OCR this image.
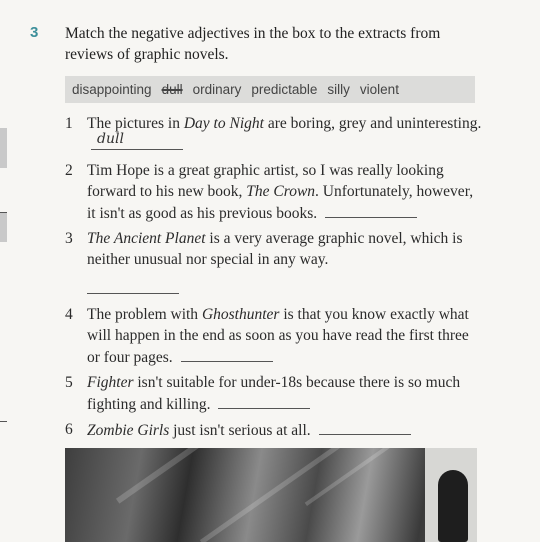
3 Match the negative adjectives in the box to the extracts from reviews of graphic novels.
disappointing dull ordinary predictable silly violent
1 The pictures in Day to Night are boring, grey and uninteresting.
dull
2 Tim Hope is a great graphic artist, so I was really looking forward to his new book, The Crown. Unfortunately, however, it isn't as good as his previous books.
3 The Ancient Planet is a very average graphic novel, which is neither unusual nor special in any way.

4 The problem with Ghosthunter is that you know exactly what will happen in the end as soon as you have read the first three or four pages.
5 Fighter isn't suitable for under-18s because there is so much fighting and killing.
6 Zombie Girls just isn't serious at all.
